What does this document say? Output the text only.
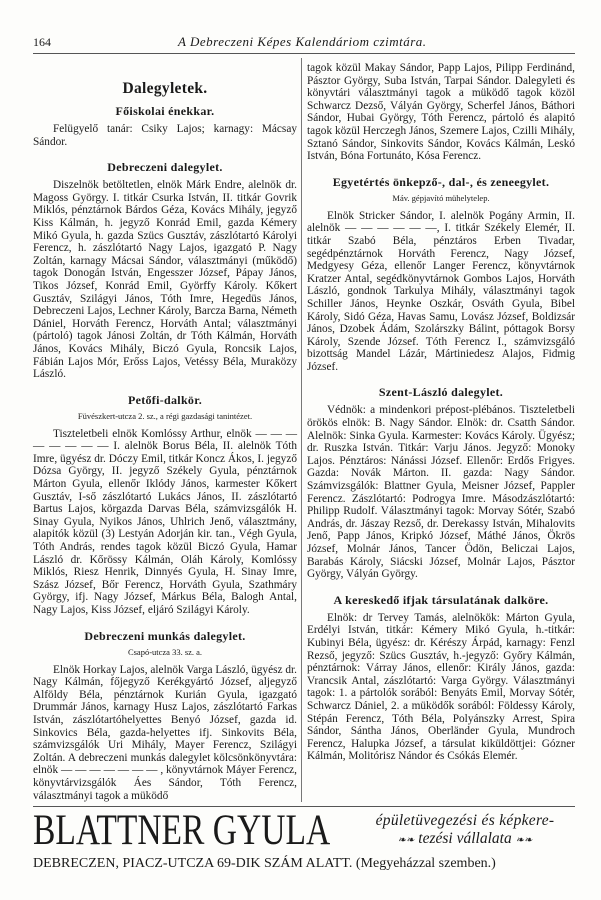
164	A Debreczeni Képes Kalendáriom czimtára.
Dalegyletek.
Főiskolai énekkar.

Felügyelő tanár: Csiky Lajos; karnagy: Mácsay Sándor.

Debreczeni dalegylet.

Diszelnök betöltetlen, elnök Márk Endre, alelnök dr. Magoss György. I. titkár Csurka István, II. titkár Govrik Miklós, pénztárnok Bárdos Géza, Kovács Mihály, jegyző Kiss Kálmán, h. jegyző Konrád Emil, gazda Kémery Mikó Gyula, h. gazda Szücs Gusztáv, zászlótartó Károlyi Ferencz, h. zászlótartó Nagy Lajos, igazgató P. Nagy Zoltán, karnagy Mácsai Sándor, választmányi (működő) tagok Donogán István, Engesszer József, Pápay János, Tikos József, Konrád Emil, Györffy Károly. Kőkert Gusztáv, Szilágyi János, Tóth Imre, Hegedüs János, Debreczeni Lajos, Lechner Károly, Barcza Barna, Németh Dániel, Horváth Ferencz, Horváth Antal; választmányi (pártoló) tagok Jánosi Zoltán, dr Tóth Kálmán, Horváth János, Kovács Mihály, Biczó Gyula, Roncsik Lajos, Fábián Lajos Mór, Erőss Lajos, Vetéssy Béla, Muraközy László.

Petőfi-dalkör.
Füvészkert-utcza 2. sz., a régi gazdasági tanintézet.

Tiszteletbeli elnök Komlóssy Arthur, elnök — — — — — — — — I. alelnök Borus Béla, II. alelnök Tóth Imre, ügyész dr. Dóczy Emil, titkár Koncz Ákos, I. jegyző Dózsa György, II. jegyző Székely Gyula, pénztárnok Márton Gyula, ellenőr Iklódy János, karmester Kőkert Gusztáv, I-ső zászlótartó Lukács János, II. zászlótartó Bartus Lajos, körgazda Darvas Béla, számvizsgálók H. Sinay Gyula, Nyikos János, Uhlrich Jenő, választmány, alapitók közül (3) Lestyán Adorján kir. tan., Végh Gyula, Tóth András, rendes tagok közül Biczó Gyula, Hamar László dr. Kőrössy Kálmán, Oláh Károly, Komlóssy Miklós, Riesz Henrik, Dinnyés Gyula, H. Sinay Imre, Szász József, Bőr Ferencz, Horváth Gyula, Szathmáry György, ifj. Nagy József, Márkus Béla, Balogh Antal, Nagy Lajos, Kiss József, eljáró Szilágyi Károly.

Debreczeni munkás dalegylet.
Csapó-utcza 33. sz. a.

Elnök Horkay Lajos, alelnök Varga László, ügyész dr. Nagy Kálmán, főjegyző Kerékgyártó József, aljegyző Alföldy Béla, pénztárnok Kurián Gyula, igazgató Drummár János, karnagy Husz Lajos, zászlótartó Farkas István, zászlótartóhelyettes Benyó József, gazda id. Sinkovics Béla, gazda-helyettes ifj. Sinkovits Béla, számvizsgálók Uri Mihály, Mayer Ferencz, Szilágyi Zoltán. A debreczeni munkás dalegylet kölcsönkönyvtára: elnök — — — — — — — , könyvtárnok Máyer Ferencz, könyvtárvizsgálók Áes Sándor, Tóth Ferencz, választmányi tagok a müködő

tagok közül Makay Sándor, Papp Lajos, Pilipp Ferdinánd, Pásztor György, Suba István, Tarpai Sándor. Dalegyleti és könyvtári választmányi tagok a müködő tagok közöl Schwarcz Dezső, Vályán György, Scherfel János, Báthori Sándor, Hubai György, Tóth Ferencz, pártoló és alapitó tagok közül Herczegh János, Szemere Lajos, Czilli Mihály, Sztanó Sándor, Sinkovits Sándor, Kovács Kálmán, Leskó István, Bóna Fortunáto, Kósa Ferencz.

Egyetértés önkepző-, dal-, és zeneegylet.
Máv. gépjavító mühelytelep.

Elnök Stricker Sándor, I. alelnök Pogány Armin, II. alelnök — — — — — —, I. titkár Székely Elemér, II. titkár Szabó Béla, pénztáros Erben Tivadar, segédpénztárnok Horváth Ferencz, Nagy József, Medgyesy Géza, ellenőr Langer Ferencz, könyvtárnok Kratzer Antal, segédkönyvtárnok Gombos Lajos, Horváth László, gondnok Tarkulya Mihály, választmányi tagok Schiller János, Heynke Oszkár, Osváth Gyula, Bibel Károly, Sidó Géza, Havas Samu, Lovász József, Boldizsár János, Dzobek Ádám, Szolárszky Bálint, póttagok Borsy Károly, Szende József. Tóth Ferencz I., számvizsgáló bizottság Mandel Lázár, Mártiniedesz Alajos, Fidmig József.

Szent-László dalegylet.

Védnök: a mindenkori prépost-plébános. Tiszteletbeli örökös elnök: B. Nagy Sándor. Elnök: dr. Csatth Sándor. Alelnök: Sinka Gyula. Karmester: Kovács Károly. Ügyész; dr. Ruszka István. Titkár: Varju János. Jegyző: Monoky Lajos. Pénztáros: Nánássi József. Ellenőr: Erdős Frigyes. Gazda: Novák Márton. II. gazda: Nagy Sándor. Számvizsgálók: Blattner Gyula, Meisner József, Pappler Ferencz. Zászlótartó: Podrogya Imre. Másodzászlótartó: Philipp Rudolf. Választmányi tagok: Morvay Sótér, Szabó András, dr. Jászay Rezső, dr. Derekassy István, Mihalovits Jenő, Papp János, Kripkó József, Máthé János, Ökrös József, Molnár János, Tancer Ödön, Beliczai Lajos, Barabás Károly, Siácski József, Molnár Lajos, Pásztor György, Vályán György.

A kereskedő ifjak társulatának dalköre.

Elnök: dr Tervey Tamás, alelnökök: Márton Gyula, Erdélyi István, titkár: Kémery Mikó Gyula, h.-titkár: Kubinyi Béla, ügyész: dr. Kérészy Árpád, karnagy: Fenzl Rezső, jegyző: Szücs Gusztáv, h.-jegyző: Győry Kálmán, pénztárnok: Várray János, ellenőr: Király János, gazda: Vrancsik Antal, zászlótartó: Varga György. Választmányi tagok: 1. a pártolók sorából: Benyáts Emil, Morvay Sótér, Schwarcz Dániel, 2. a müködők sorából: Földessy Károly, Stépán Ferencz, Tóth Béla, Polyánszky Arrest, Spira Sándor, Sántha János, Oberländer Gyula, Mundroch Ferencz, Halupka József, a társulat kiküldöttjei: Gózner Kálmán, Molitórisz Nándor és Csókás Elemér.

BLATTNER GYULA	épületüvegezési és képkere-
❧❧ tezési vállalata ❧❧
DEBRECZEN, PIACZ-UTCZA 69-DIK SZÁM ALATT. (Megyeházzal szemben.)
